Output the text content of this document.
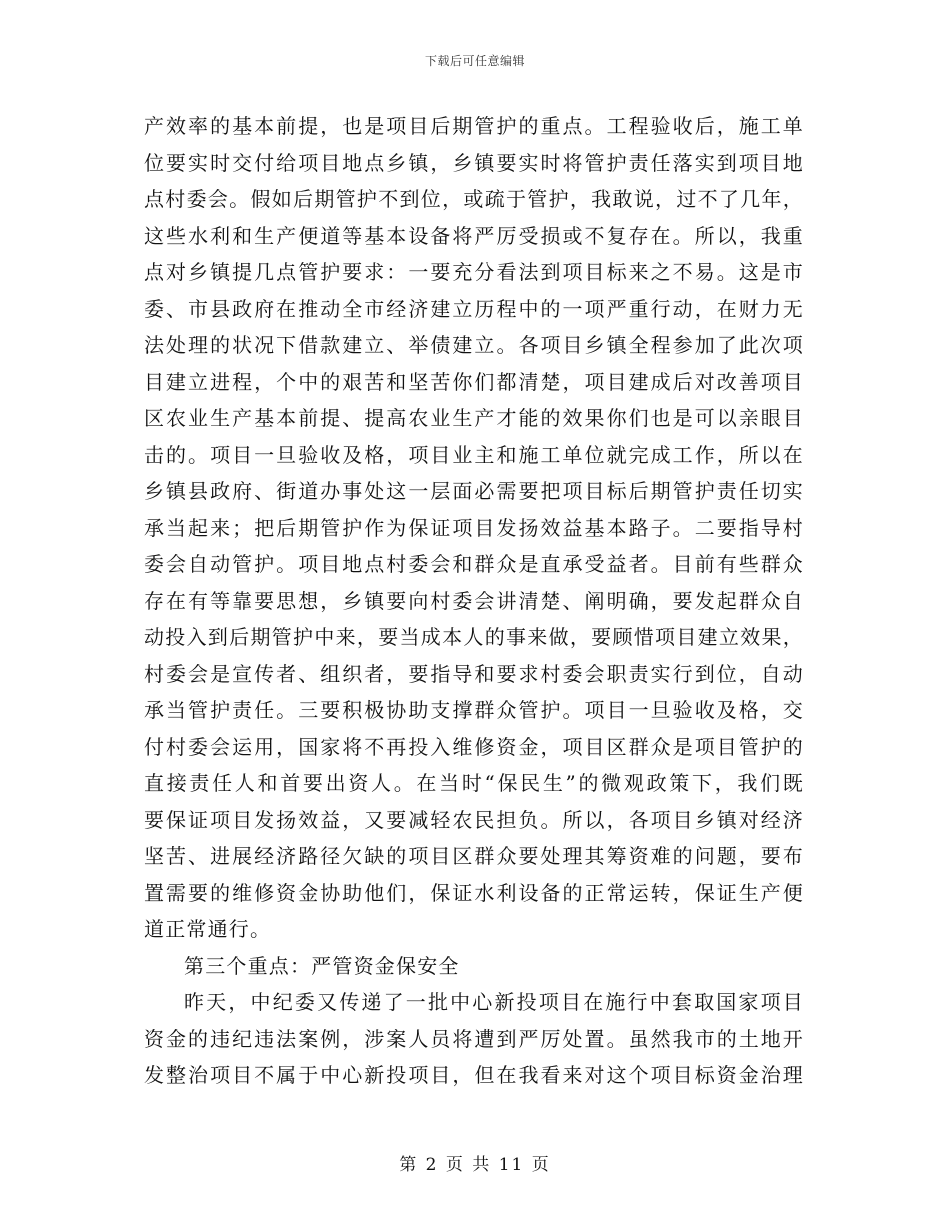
下载后可任意编辑
产效率的基本前提，也是项目后期管护的重点。工程验收后，施工单
位要实时交付给项目地点乡镇，乡镇要实时将管护责任落实到项目地
点村委会。假如后期管护不到位，或疏于管护，我敢说，过不了几年，
这些水利和生产便道等基本设备将严厉受损或不复存在。所以，我重
点对乡镇提几点管护要求：一要充分看法到项目标来之不易。这是市
委、市县政府在推动全市经济建立历程中的一项严重行动，在财力无
法处理的状况下借款建立、举债建立。各项目乡镇全程参加了此次项
目建立进程，个中的艰苦和坚苦你们都清楚，项目建成后对改善项目
区农业生产基本前提、提高农业生产才能的效果你们也是可以亲眼目
击的。项目一旦验收及格，项目业主和施工单位就完成工作，所以在
乡镇县政府、街道办事处这一层面必需要把项目标后期管护责任切实
承当起来；把后期管护作为保证项目发扬效益基本路子。二要指导村
委会自动管护。项目地点村委会和群众是直承受益者。目前有些群众
存在有等靠要思想，乡镇要向村委会讲清楚、阐明确，要发起群众自
动投入到后期管护中来，要当成本人的事来做，要顾惜项目建立效果，
村委会是宣传者、组织者，要指导和要求村委会职责实行到位，自动
承当管护责任。三要积极协助支撑群众管护。项目一旦验收及格，交
付村委会运用，国家将不再投入维修资金，项目区群众是项目管护的
直接责任人和首要出资人。在当时“保民生”的微观政策下，我们既
要保证项目发扬效益，又要减轻农民担负。所以，各项目乡镇对经济
坚苦、进展经济路径欠缺的项目区群众要处理其筹资难的问题，要布
置需要的维修资金协助他们，保证水利设备的正常运转，保证生产便
道正常通行。
第三个重点：严管资金保安全
昨天，中纪委又传递了一批中心新投项目在施行中套取国家项目
资金的违纪违法案例，涉案人员将遭到严厉处置。虽然我市的土地开
发整治项目不属于中心新投项目，但在我看来对这个项目标资金治理
第 2 页 共 11 页
